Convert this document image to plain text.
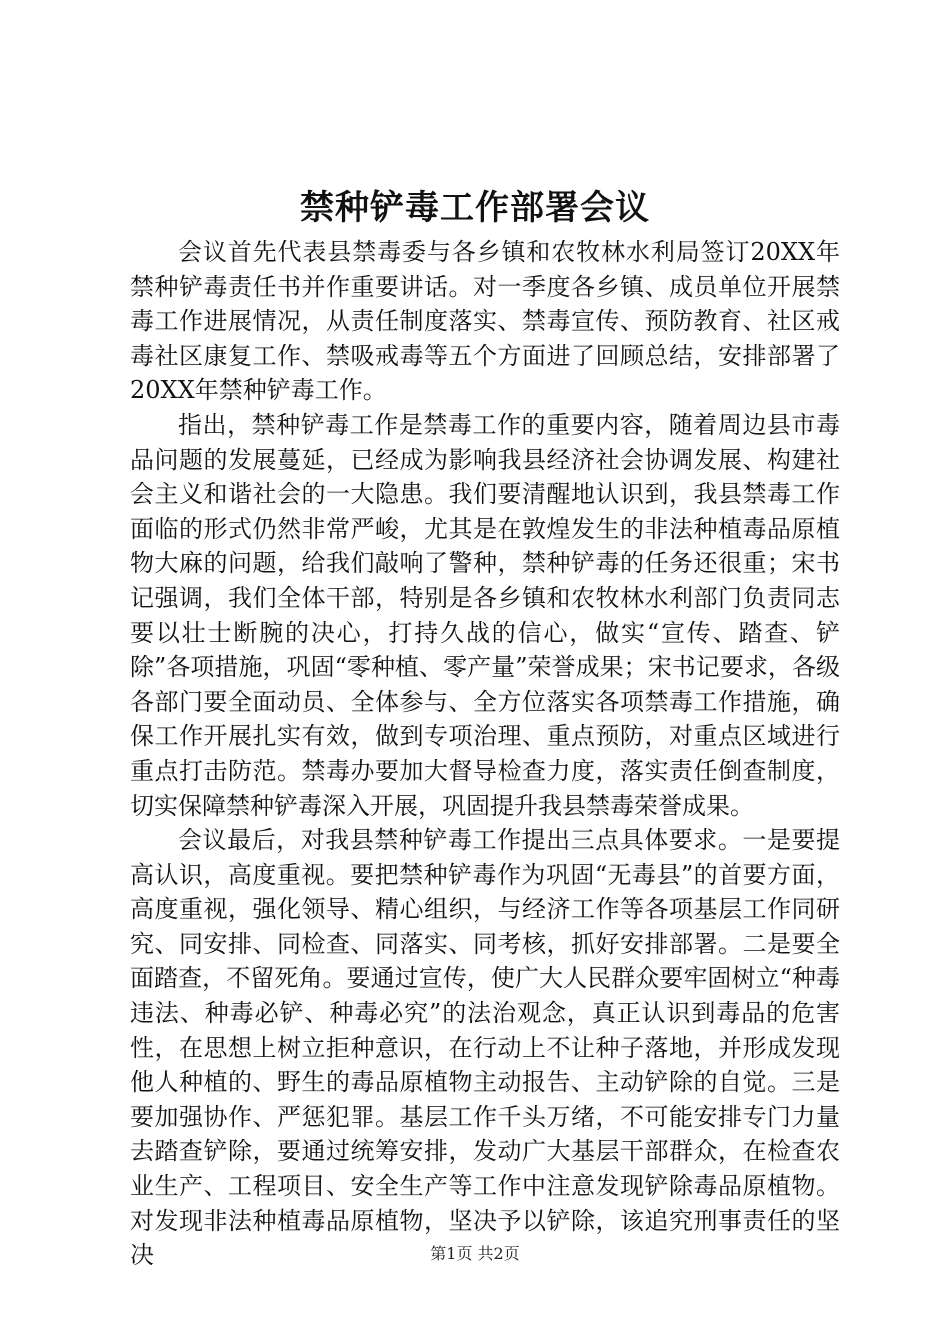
禁种铲毒工作部署会议

会议首先代表县禁毒委与各乡镇和农牧林水利局签订20XX年禁种铲毒责任书并作重要讲话。对一季度各乡镇、成员单位开展禁毒工作进展情况，从责任制度落实、禁毒宣传、预防教育、社区戒毒社区康复工作、禁吸戒毒等五个方面进了回顾总结，安排部署了20XX年禁种铲毒工作。

指出，禁种铲毒工作是禁毒工作的重要内容，随着周边县市毒品问题的发展蔓延，已经成为影响我县经济社会协调发展、构建社会主义和谐社会的一大隐患。我们要清醒地认识到，我县禁毒工作面临的形式仍然非常严峻，尤其是在敦煌发生的非法种植毒品原植物大麻的问题，给我们敲响了警种，禁种铲毒的任务还很重；宋书记强调，我们全体干部，特别是各乡镇和农牧林水利部门负责同志要以壮士断腕的决心，打持久战的信心，做实“宣传、踏查、铲除”各项措施，巩固“零种植、零产量”荣誉成果；宋书记要求，各级各部门要全面动员、全体参与、全方位落实各项禁毒工作措施，确保工作开展扎实有效，做到专项治理、重点预防，对重点区域进行重点打击防范。禁毒办要加大督导检查力度，落实责任倒查制度，切实保障禁种铲毒深入开展，巩固提升我县禁毒荣誉成果。

会议最后，对我县禁种铲毒工作提出三点具体要求。一是要提高认识，高度重视。要把禁种铲毒作为巩固“无毒县”的首要方面，高度重视，强化领导、精心组织，与经济工作等各项基层工作同研究、同安排、同检查、同落实、同考核，抓好安排部署。二是要全面踏查，不留死角。要通过宣传，使广大人民群众要牢固树立“种毒违法、种毒必铲、种毒必究”的法治观念，真正认识到毒品的危害性，在思想上树立拒种意识，在行动上不让种子落地，并形成发现他人种植的、野生的毒品原植物主动报告、主动铲除的自觉。三是要加强协作、严惩犯罪。基层工作千头万绪，不可能安排专门力量去踏查铲除，要通过统筹安排，发动广大基层干部群众，在检查农业生产、工程项目、安全生产等工作中注意发现铲除毒品原植物。对发现非法种植毒品原植物，坚决予以铲除，该追究刑事责任的坚决	第1页 共2页
